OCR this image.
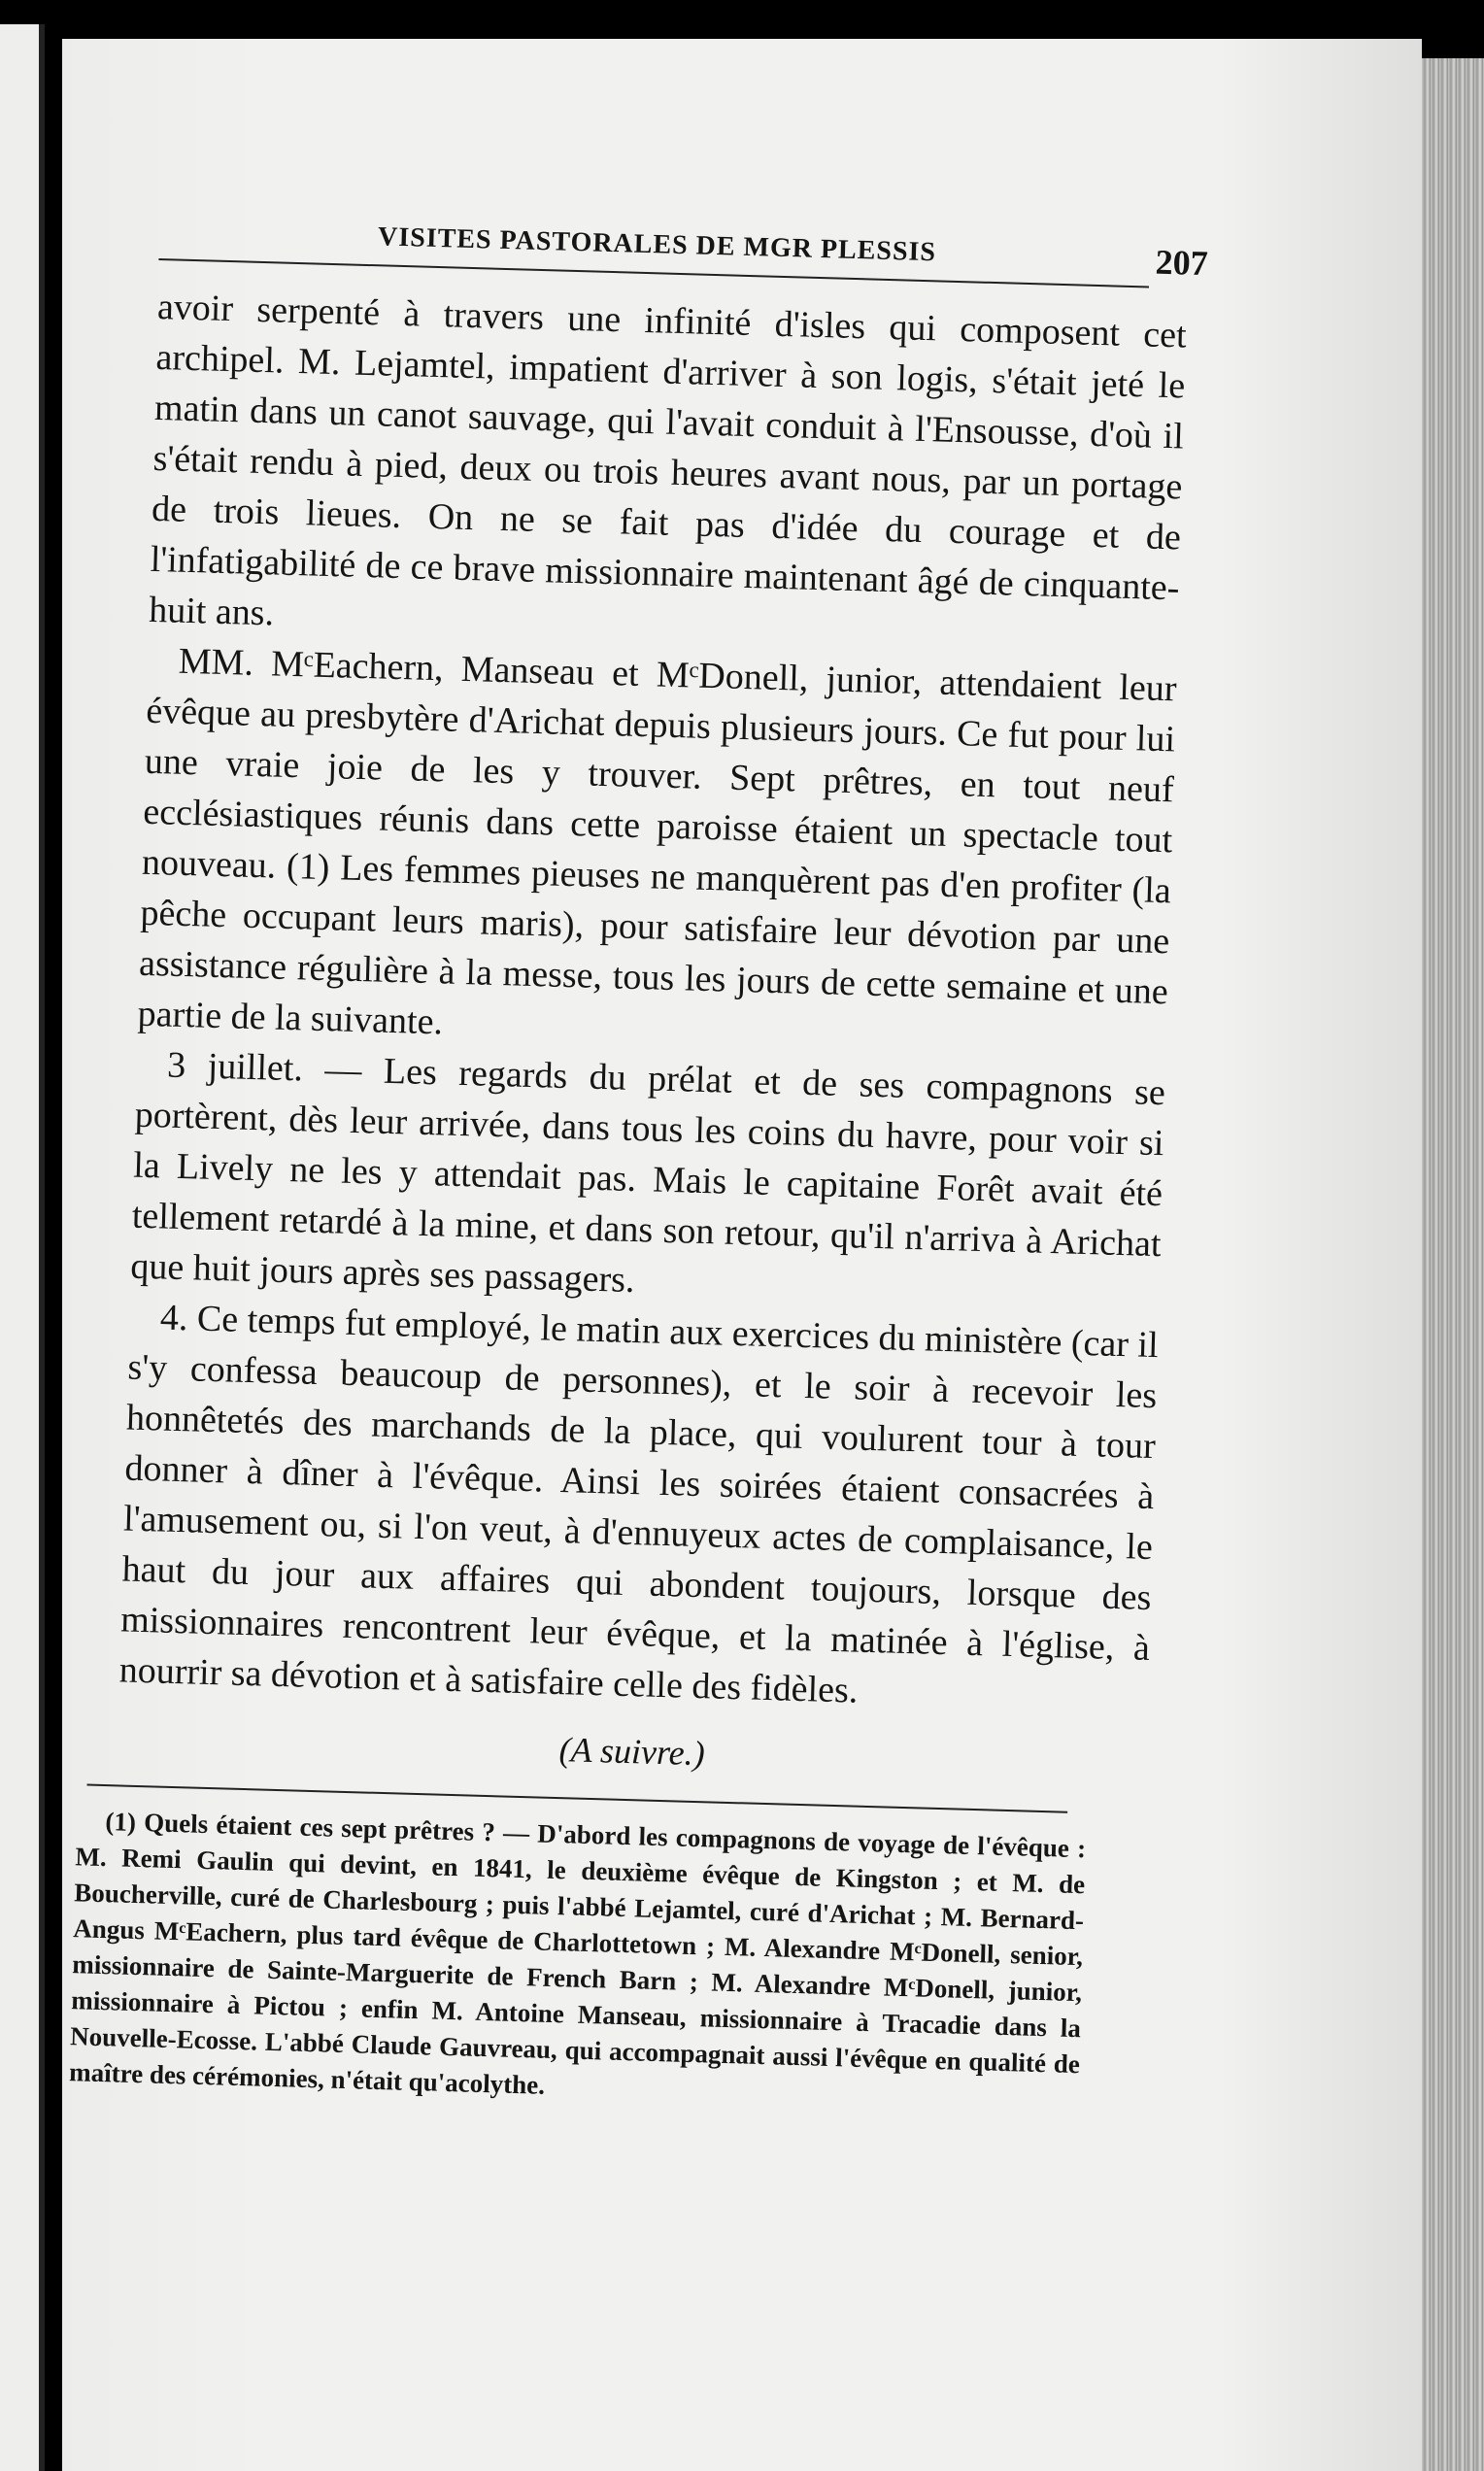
VISITES PASTORALES DE MGR PLESSIS	207

avoir serpenté à travers une infinité d'isles qui composent cet archipel. M. Lejamtel, impatient d'arriver à son logis, s'était jeté le matin dans un canot sauvage, qui l'avait conduit à l'Ensousse, d'où il s'était rendu à pied, deux ou trois heures avant nous, par un portage de trois lieues. On ne se fait pas d'idée du courage et de l'infatigabilité de ce brave missionnaire maintenant âgé de cinquante-huit ans.

MM. MᶜEachern, Manseau et MᶜDonell, junior, attendaient leur évêque au presbytère d'Arichat depuis plusieurs jours. Ce fut pour lui une vraie joie de les y trouver. Sept prêtres, en tout neuf ecclésiastiques réunis dans cette paroisse étaient un spectacle tout nouveau. (1) Les femmes pieuses ne manquèrent pas d'en profiter (la pêche occupant leurs maris), pour satisfaire leur dévotion par une assistance régulière à la messe, tous les jours de cette semaine et une partie de la suivante.

3 juillet. — Les regards du prélat et de ses compagnons se portèrent, dès leur arrivée, dans tous les coins du havre, pour voir si la Lively ne les y attendait pas. Mais le capitaine Forêt avait été tellement retardé à la mine, et dans son retour, qu'il n'arriva à Arichat que huit jours après ses passagers.

4. Ce temps fut employé, le matin aux exercices du ministère (car il s'y confessa beaucoup de personnes), et le soir à recevoir les honnêtetés des marchands de la place, qui voulurent tour à tour donner à dîner à l'évêque. Ainsi les soirées étaient consacrées à l'amusement ou, si l'on veut, à d'ennuyeux actes de complaisance, le haut du jour aux affaires qui abondent toujours, lorsque des missionnaires rencontrent leur évêque, et la matinée à l'église, à nourrir sa dévotion et à satisfaire celle des fidèles.

(A suivre.)

(1) Quels étaient ces sept prêtres ? — D'abord les compagnons de voyage de l'évêque : M. Remi Gaulin qui devint, en 1841, le deuxième évêque de Kingston ; et M. de Boucherville, curé de Charlesbourg ; puis l'abbé Lejamtel, curé d'Arichat ; M. Bernard-Angus MᶜEachern, plus tard évêque de Charlottetown ; M. Alexandre MᶜDonell, senior, missionnaire de Sainte-Marguerite de French Barn ; M. Alexandre MᶜDonell, junior, missionnaire à Pictou ; enfin M. Antoine Manseau, missionnaire à Tracadie dans la Nouvelle-Ecosse. L'abbé Claude Gauvreau, qui accompagnait aussi l'évêque en qualité de maître des cérémonies, n'était qu'acolythe.
